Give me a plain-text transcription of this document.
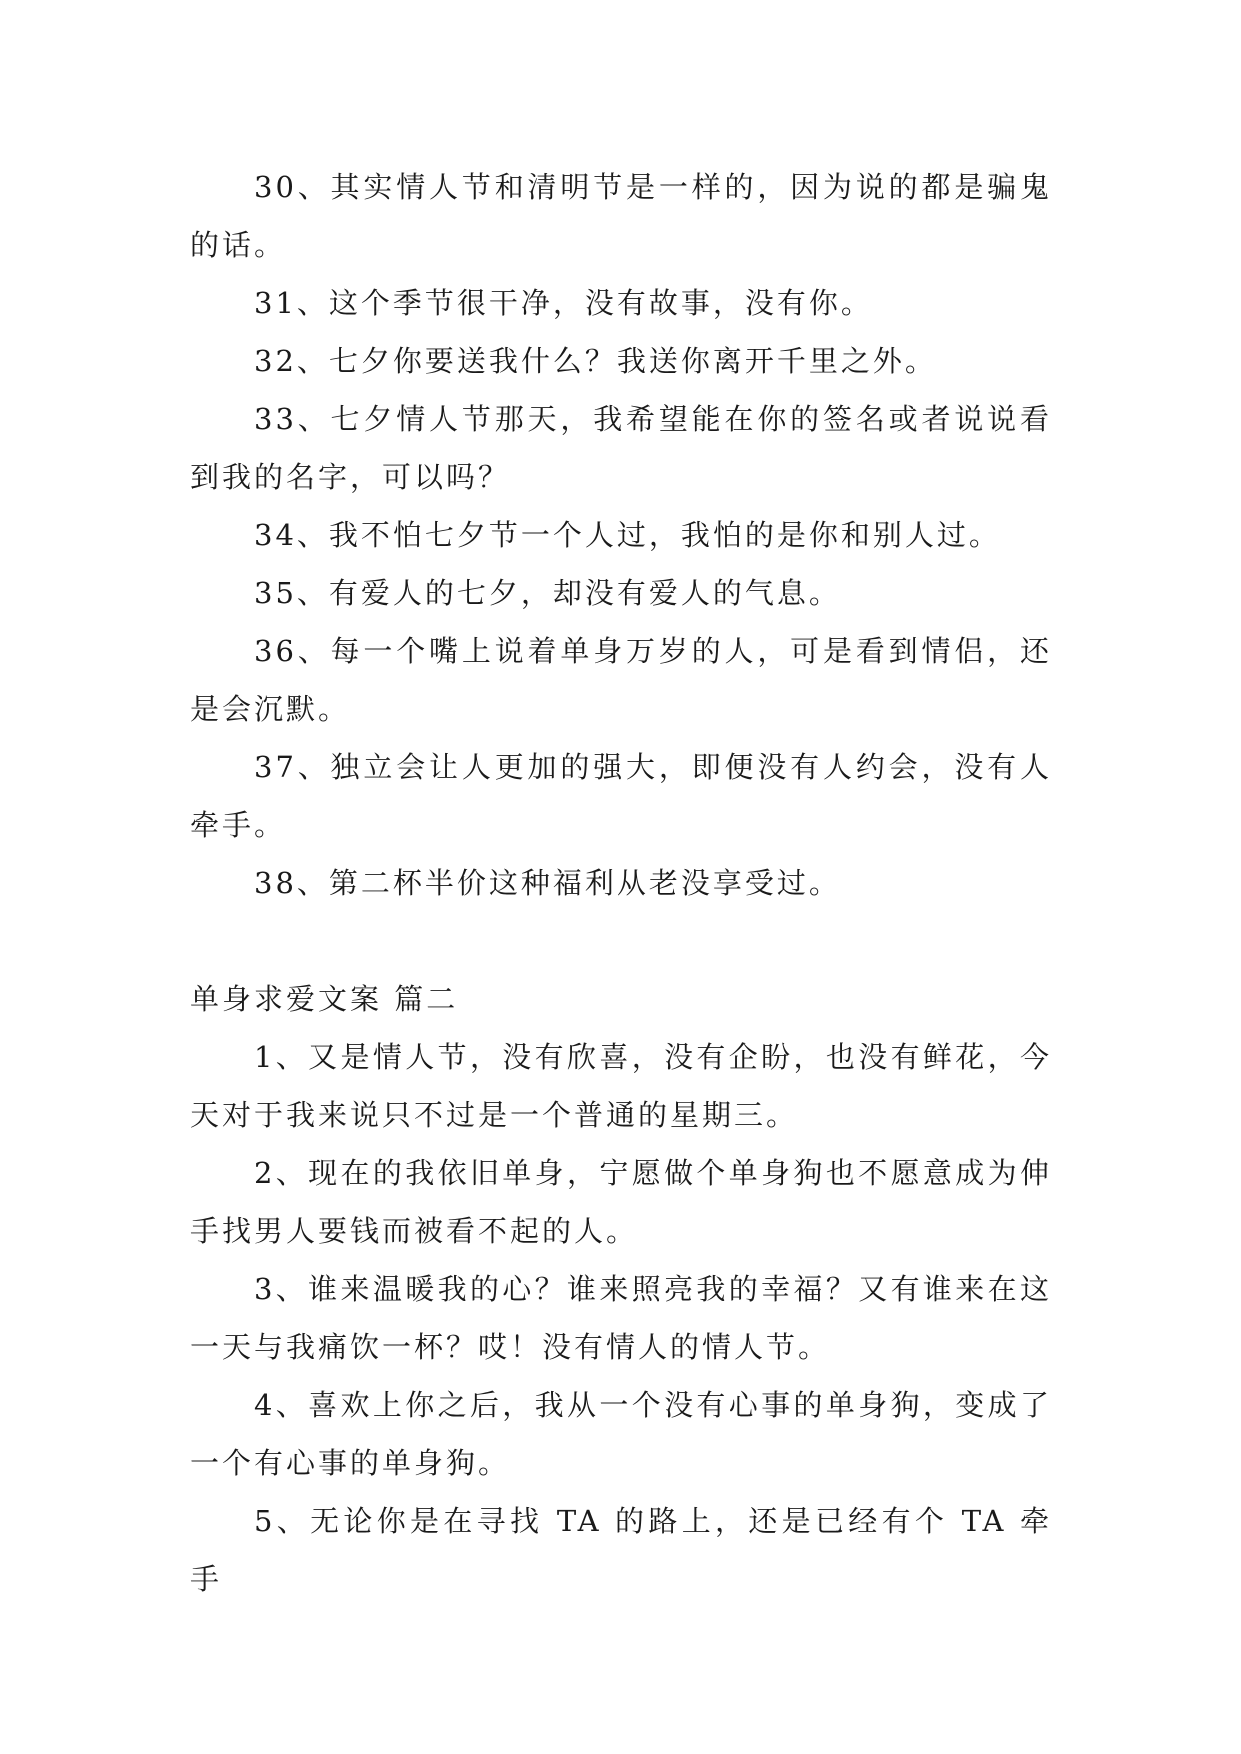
30、其实情人节和清明节是一样的，因为说的都是骗鬼的话。

31、这个季节很干净，没有故事，没有你。

32、七夕你要送我什么？我送你离开千里之外。

33、七夕情人节那天，我希望能在你的签名或者说说看到我的名字，可以吗？

34、我不怕七夕节一个人过，我怕的是你和别人过。

35、有爱人的七夕，却没有爱人的气息。

36、每一个嘴上说着单身万岁的人，可是看到情侣，还是会沉默。

37、独立会让人更加的强大，即便没有人约会，没有人牵手。

38、第二杯半价这种福利从老没享受过。

单身求爱文案 篇二

1、又是情人节，没有欣喜，没有企盼，也没有鲜花，今天对于我来说只不过是一个普通的星期三。

2、现在的我依旧单身，宁愿做个单身狗也不愿意成为伸手找男人要钱而被看不起的人。

3、谁来温暖我的心？谁来照亮我的幸福？又有谁来在这一天与我痛饮一杯？哎！没有情人的情人节。

4、喜欢上你之后，我从一个没有心事的单身狗，变成了一个有心事的单身狗。

5、无论你是在寻找 TA 的路上，还是已经有个 TA 牵手
